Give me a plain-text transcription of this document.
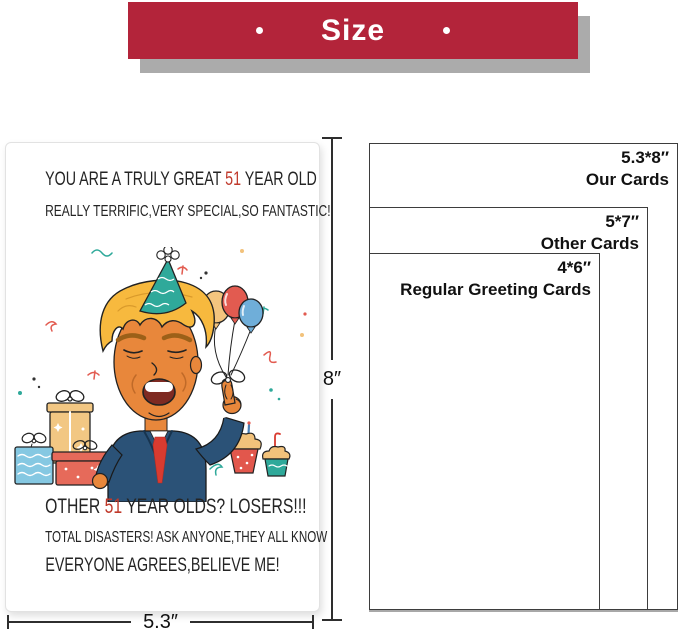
Size
YOU ARE A TRULY GREAT 51 YEAR OLD
REALLY TERRIFIC,VERY SPECIAL,SO FANTASTIC!
OTHER 51 YEAR OLDS? LOSERS!!!
TOTAL DISASTERS! ASK ANYONE,THEY ALL KNOW
EVERYONE AGREES,BELIEVE ME!
8″
5.3″
5.3*8″
Our Cards
5*7″
Other Cards
4*6″
Regular Greeting Cards
